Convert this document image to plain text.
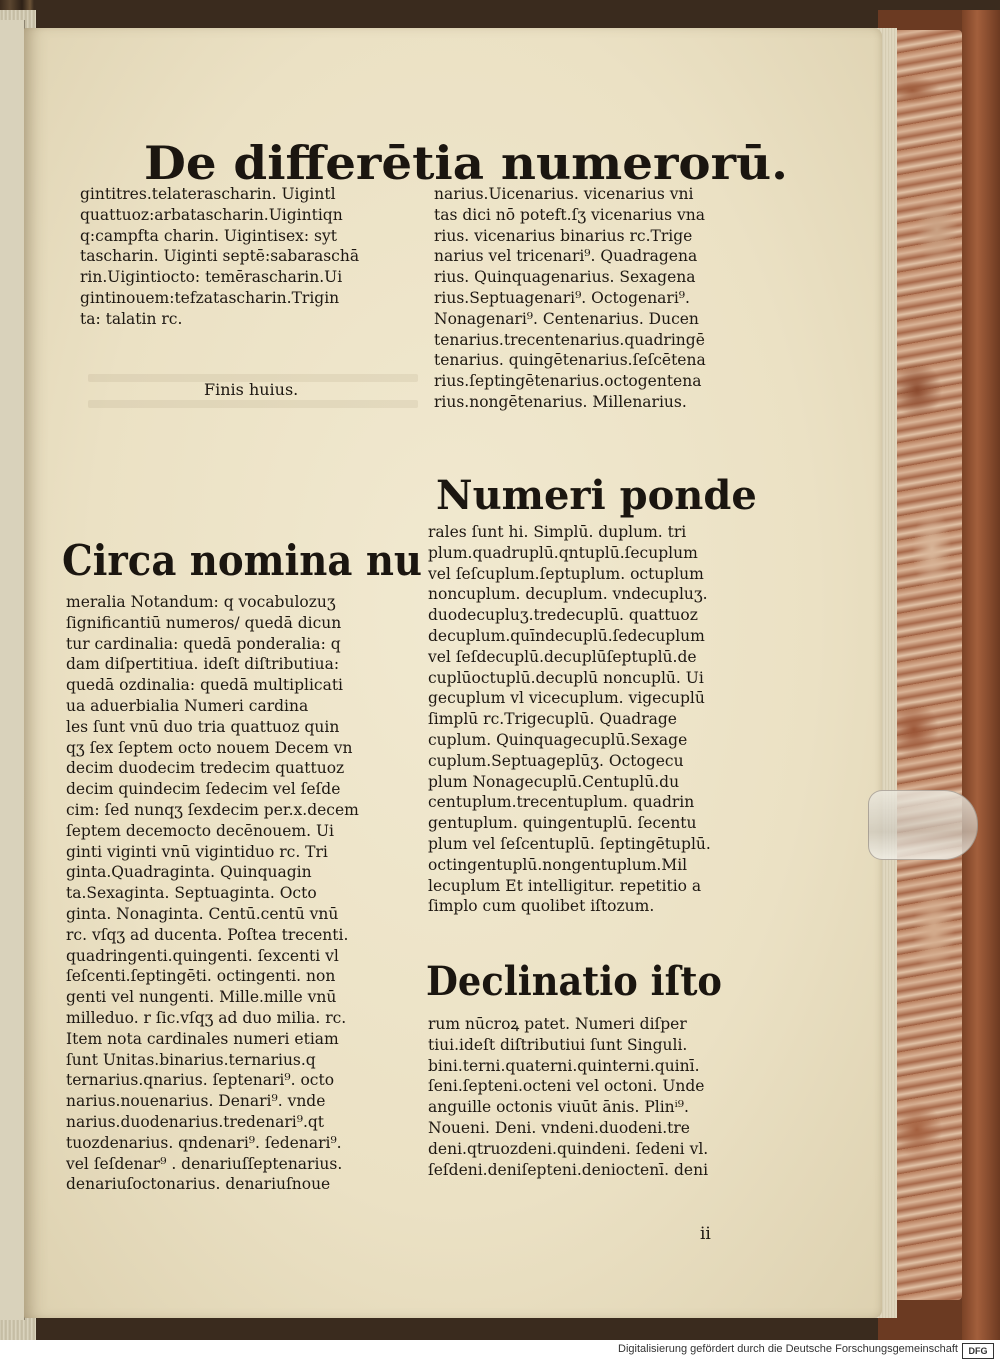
De differētia numerorū.
gintitres.telaterascharin. Uigintl
quattuoz:arbatascharin.Uigintiqn
q:campfta charin. Uigintisex: syt
tascharin. Uiginti septē:sabaraschā
rin.Uigintiocto: temērascharin.Ui
gintinouem:tefzatascharin.Trigin
ta: talatin rc.
Finis huius.
narius.Uicenarius. vicenarius vni
tas dici nō poteft.ſʒ vicenarius vna
rius. vicenarius binarius rc.Trige
narius vel tricenari⁹. Quadragena
rius. Quinquagenarius. Sexagena
rius.Septuagenari⁹. Octogenari⁹.
Nonagenari⁹. Centenarius. Ducen
tenarius.trecentenarius.quadringē
tenarius. quingētenarius.ſeſcētena
rius.ſeptingētenarius.octogentena
rius.nongētenarius. Millenarius.
Numeri ponde
rales ſunt hi. Simplū. duplum. tri
plum.quadruplū.qntuplū.ſecuplum
vel ſeſcuplum.ſeptuplum. octuplum
noncuplum. decuplum. vndecupluʒ.
duodecupluʒ.tredecuplū. quattuoz
decuplum.quīndecuplū.ſedecuplum
vel ſeſdecuplū.decuplūſeptuplū.de
cuplūoctuplū.decuplū noncuplū. Ui
gecuplum vl vicecuplum. vigecuplū
ſimplū rc.Trigecuplū. Quadrage
cuplum. Quinquagecuplū.Sexage
cuplum.Septuageplūʒ. Octogecu
plum Nonagecuplū.Centuplū.du
centuplum.trecentuplum. quadrin
gentuplum. quingentuplū. ſecentu
plum vel ſeſcentuplū. ſeptingētuplū.
octingentuplū.nongentuplum.Mil
lecuplum Et intelligitur. repetitio a
ſimplo cum quolibet iſtozum.
Circa nomina nu
meralia Notandum: q vocabulozuʒ
ſignificantiū numeros/ quedā dicun
tur cardinalia: quedā ponderalia: q
dam diſpertitiua. ideſt diſtributiua:
quedā ozdinalia: quedā multiplicati
ua aduerbialia Numeri cardina
les ſunt vnū duo tria quattuoz quin
qʒ ſex ſeptem octo nouem Decem vn
decim duodecim tredecim quattuoz
decim quindecim ſedecim vel ſeſde
cim: ſed nunqʒ ſexdecim per.x.decem
ſeptem decemocto decēnouem. Ui
ginti viginti vnū vigintiduo rc. Tri
ginta.Quadraginta. Quinquagin
ta.Sexaginta. Septuaginta. Octo
ginta. Nonaginta. Centū.centū vnū
rc. vſqʒ ad ducenta. Poſtea trecenti.
quadringenti.quingenti. ſexcenti vl
ſeſcenti.ſeptingēti. octingenti. non
genti vel nungenti. Mille.mille vnū
milleduo. r ſic.vſqʒ ad duo milia. rc.
Item nota cardinales numeri etiam
ſunt Unitas.binarius.ternarius.q
ternarius.qnarius. ſeptenari⁹. octo
narius.nouenarius. Denari⁹. vnde
narius.duodenarius.tredenari⁹.qt
tuozdenarius. qndenari⁹. ſedenari⁹.
vel ſeſdenar⁹ . denariuſſeptenarius.
denariuſoctonarius. denariuſnoue
Declinatio iſto
rum nūcroꝝ patet. Numeri diſper
tiui.ideſt diſtributiui ſunt Singuli.
bini.terni.quaterni.quinterni.quinī.
ſeni.ſepteni.octeni vel octoni. Unde
anguille octonis viuūt ānis. Plinⁱ⁹.
Noueni. Deni. vndeni.duodeni.tre
deni.qtruozdeni.quindeni. ſedeni vl.
ſeſdeni.deniſepteni.denioctenī. deni
ii
Digitalisierung gefördert durch die Deutsche Forschungsgemeinschaft	DFG
